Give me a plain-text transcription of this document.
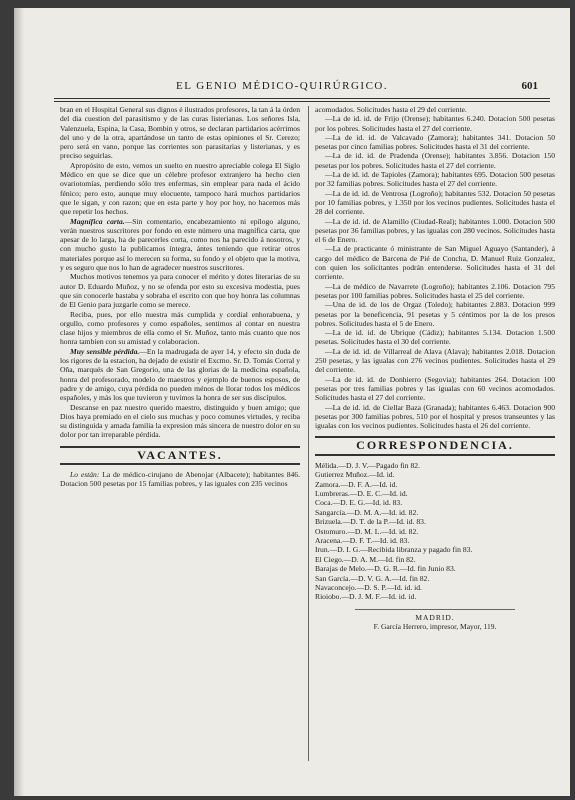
EL GENIO MÉDICO-QUIRÚRGICO.	601

bran en el Hospital General sus dignos é ilustrados profesores, la tan á la órden del dia cuestion del parasitismo y de las curas listerianas. Los señores Isla, Valenzuela, Espina, la Casa, Bombin y otros, se declaran partidarios acérrimos del uno y de la otra, apartándose un tanto de estas opiniones el Sr. Cerezo; pero será en vano, porque las corrientes son parasitarias y listerianas, y es preciso seguirlas.

Apropósito de esto, vemos un suelto en nuestro apreciable colega El Siglo Médico en que se dice que un célebre profesor extranjero ha hecho cien ovariotomías, perdiendo sólo tres enfermas, sin emplear para nada el ácido fénico; pero esto, aunque muy elocuente, tampoco hará muchos partidarios que le sigan, y con razon; que en esta parte y hoy por hoy, no hacemos más que repetir los hechos.

Magnífica carta.—Sin comentario, encabezamiento ni epílogo alguno, verán nuestros suscritores por fondo en este número una magnífica carta, que apesar de lo larga, ha de parecerles corta, como nos ha parecido á nosotros, y con mucho gusto la publicamos íntegra, ántes teniendo que retirar otros materiales porque así lo merecen su forma, su fondo y el objeto que la motiva, y es seguro que nos lo han de agradecer nuestros suscritores.

Muchos motivos tenemos ya para conocer el mérito y dotes literarias de su autor D. Eduardo Muñoz, y no se ofenda por esto su excesiva modestia, pues que sin conocerle bastaba y sobraba el escrito con que hoy honra las columnas de El Genio para juzgarle como se merece.

Reciba, pues, por ello nuestra más cumplida y cordial enhorabuena, y orgullo, como profesores y como españoles, sentimos al contar en nuestra clase hijos y miembros de ella como el Sr. Muñoz, tanto más cuanto que nos honra tambien con su amistad y colaboracion.

Muy sensible pérdida.—En la madrugada de ayer 14, y efecto sin duda de los rigores de la estacion, ha dejado de existir el Excmo. Sr. D. Tomás Corral y Oña, marqués de San Gregorio, una de las glorias de la medicina española, honra del profesorado, modelo de maestros y ejemplo de buenos esposos, de padre y de amigo, cuya pérdida no pueden ménos de llorar todos los médicos españoles, y más los que tuvieron y tuvimos la honra de ser sus discípulos.

Descanse en paz nuestro querido maestro, distinguido y buen amigo; que Dios haya premiado en el cielo sus muchas y poco comunes virtudes, y reciba su distinguida y amada familia la expresion más sincera de nuestro dolor en su dolor por tan irreparable pérdida.

VACANTES.

Lo están: La de médico-cirujano de Abenojar (Albacete); habitantes 846. Dotacion 500 pesetas por 15 familias pobres, y las iguales con 235 vecinos

acomodados. Solicitudes hasta el 29 del corriente.

—La de id. id. de Frijo (Orense); habitantes 6.240. Dotacion 500 pesetas por los pobres. Solicitudes hasta el 27 del corriente.

—La de id. id. de Valcavado (Zamora); habitantes 341. Dotacion 50 pesetas por cinco familias pobres. Solicitudes hasta el 31 del corriente.

—La de id. id. de Pradenda (Orense); habitantes 3.856. Dotacion 150 pesetas por los pobres. Solicitudes hasta el 27 del corriente.

—La de id. id. de Tapioles (Zamora); habitantes 695. Dotacion 500 pesetas por 32 familias pobres. Solicitudes hasta el 27 del corriente.

—La de id. id. de Ventrosa (Logroño); habitantes 532. Dotacion 50 pesetas por 10 familias pobres, y 1.350 por los vecinos pudientes. Solicitudes hasta el 28 del corriente.

—La de id. id. de Alamillo (Ciudad-Real); habitantes 1.000. Dotacion 500 pesetas por 36 familias pobres, y las igualas con 280 vecinos. Solicitudes hasta el 6 de Enero.

—La de practicante ó ministrante de San Miguel Aguayo (Santander), á cargo del médico de Barcena de Pié de Concha, D. Manuel Ruiz Gonzalez, con quien los solicitantes podrán entenderse. Solicitudes hasta el 31 del corriente.

—La de médico de Navarrete (Logroño); habitantes 2.106. Dotacion 795 pesetas por 100 familias pobres. Solicitudes hasta el 25 del corriente.

—Una de id. de los de Orgaz (Toledo); habitantes 2.883. Dotacion 999 pesetas por la beneficencia, 91 pesetas y 5 céntimos por la de los presos pobres. Solicitudes hasta el 5 de Enero.

—La de id. id. de Ubrique (Cádiz); habitantes 5.134. Dotacion 1.500 pesetas. Solicitudes hasta el 30 del corriente.

—La de id. id. de Villarreal de Alava (Alava); habitantes 2.018. Dotacion 250 pesetas, y las igualas con 276 vecinos pudientes. Solicitudes hasta el 29 del corriente.

—La de id. id. de Donhierro (Segovia); habitantes 264. Dotacion 100 pesetas por tres familias pobres y las igualas con 60 vecinos acomodados. Solicitudes hasta el 27 del corriente.

—La de id. id. de Ciellar Baza (Granada); habitantes 6.463. Dotacion 900 pesetas por 300 familias pobres, 510 por el hospital y presos transeuntes y las igualas con los vecinos pudientes. Solicitudes hasta el 26 del corriente.

CORRESPONDENCIA.

Mélida.—D. J. V.—Pagado fin 82.

Gutierrez Muñoz.—Id. id.

Zamora.—D. F. A.—Id. id.

Lumbreras.—D. E. C.—Id. id.

Coca.—D. E. G.—Id. id. 83.

Sangarcía.—D. M. A.—Id. id. 82.

Brizuela.—D. T. de la P.—Id. id. 83.

Ostomuro.—D. M. L.—Id. id. 82.

Aracena.—D. F. T.—Id. id. 83.

Irun.—D. I. G.—Recibida libranza y pagado fin 83.

El Ciego.—D. A. M.—Id. fin 82.

Barajas de Melo.—D. G. R.—Id. fin Junio 83.

San García.—D. V. G. A.—Id. fin 82.

Navaconcejo.—D. S. P.—Id. id. id.

Rioiobo.—D. J. M. F.—Id. id. id.

MADRID.
F. García Herrero, impresor, Mayor, 119.
